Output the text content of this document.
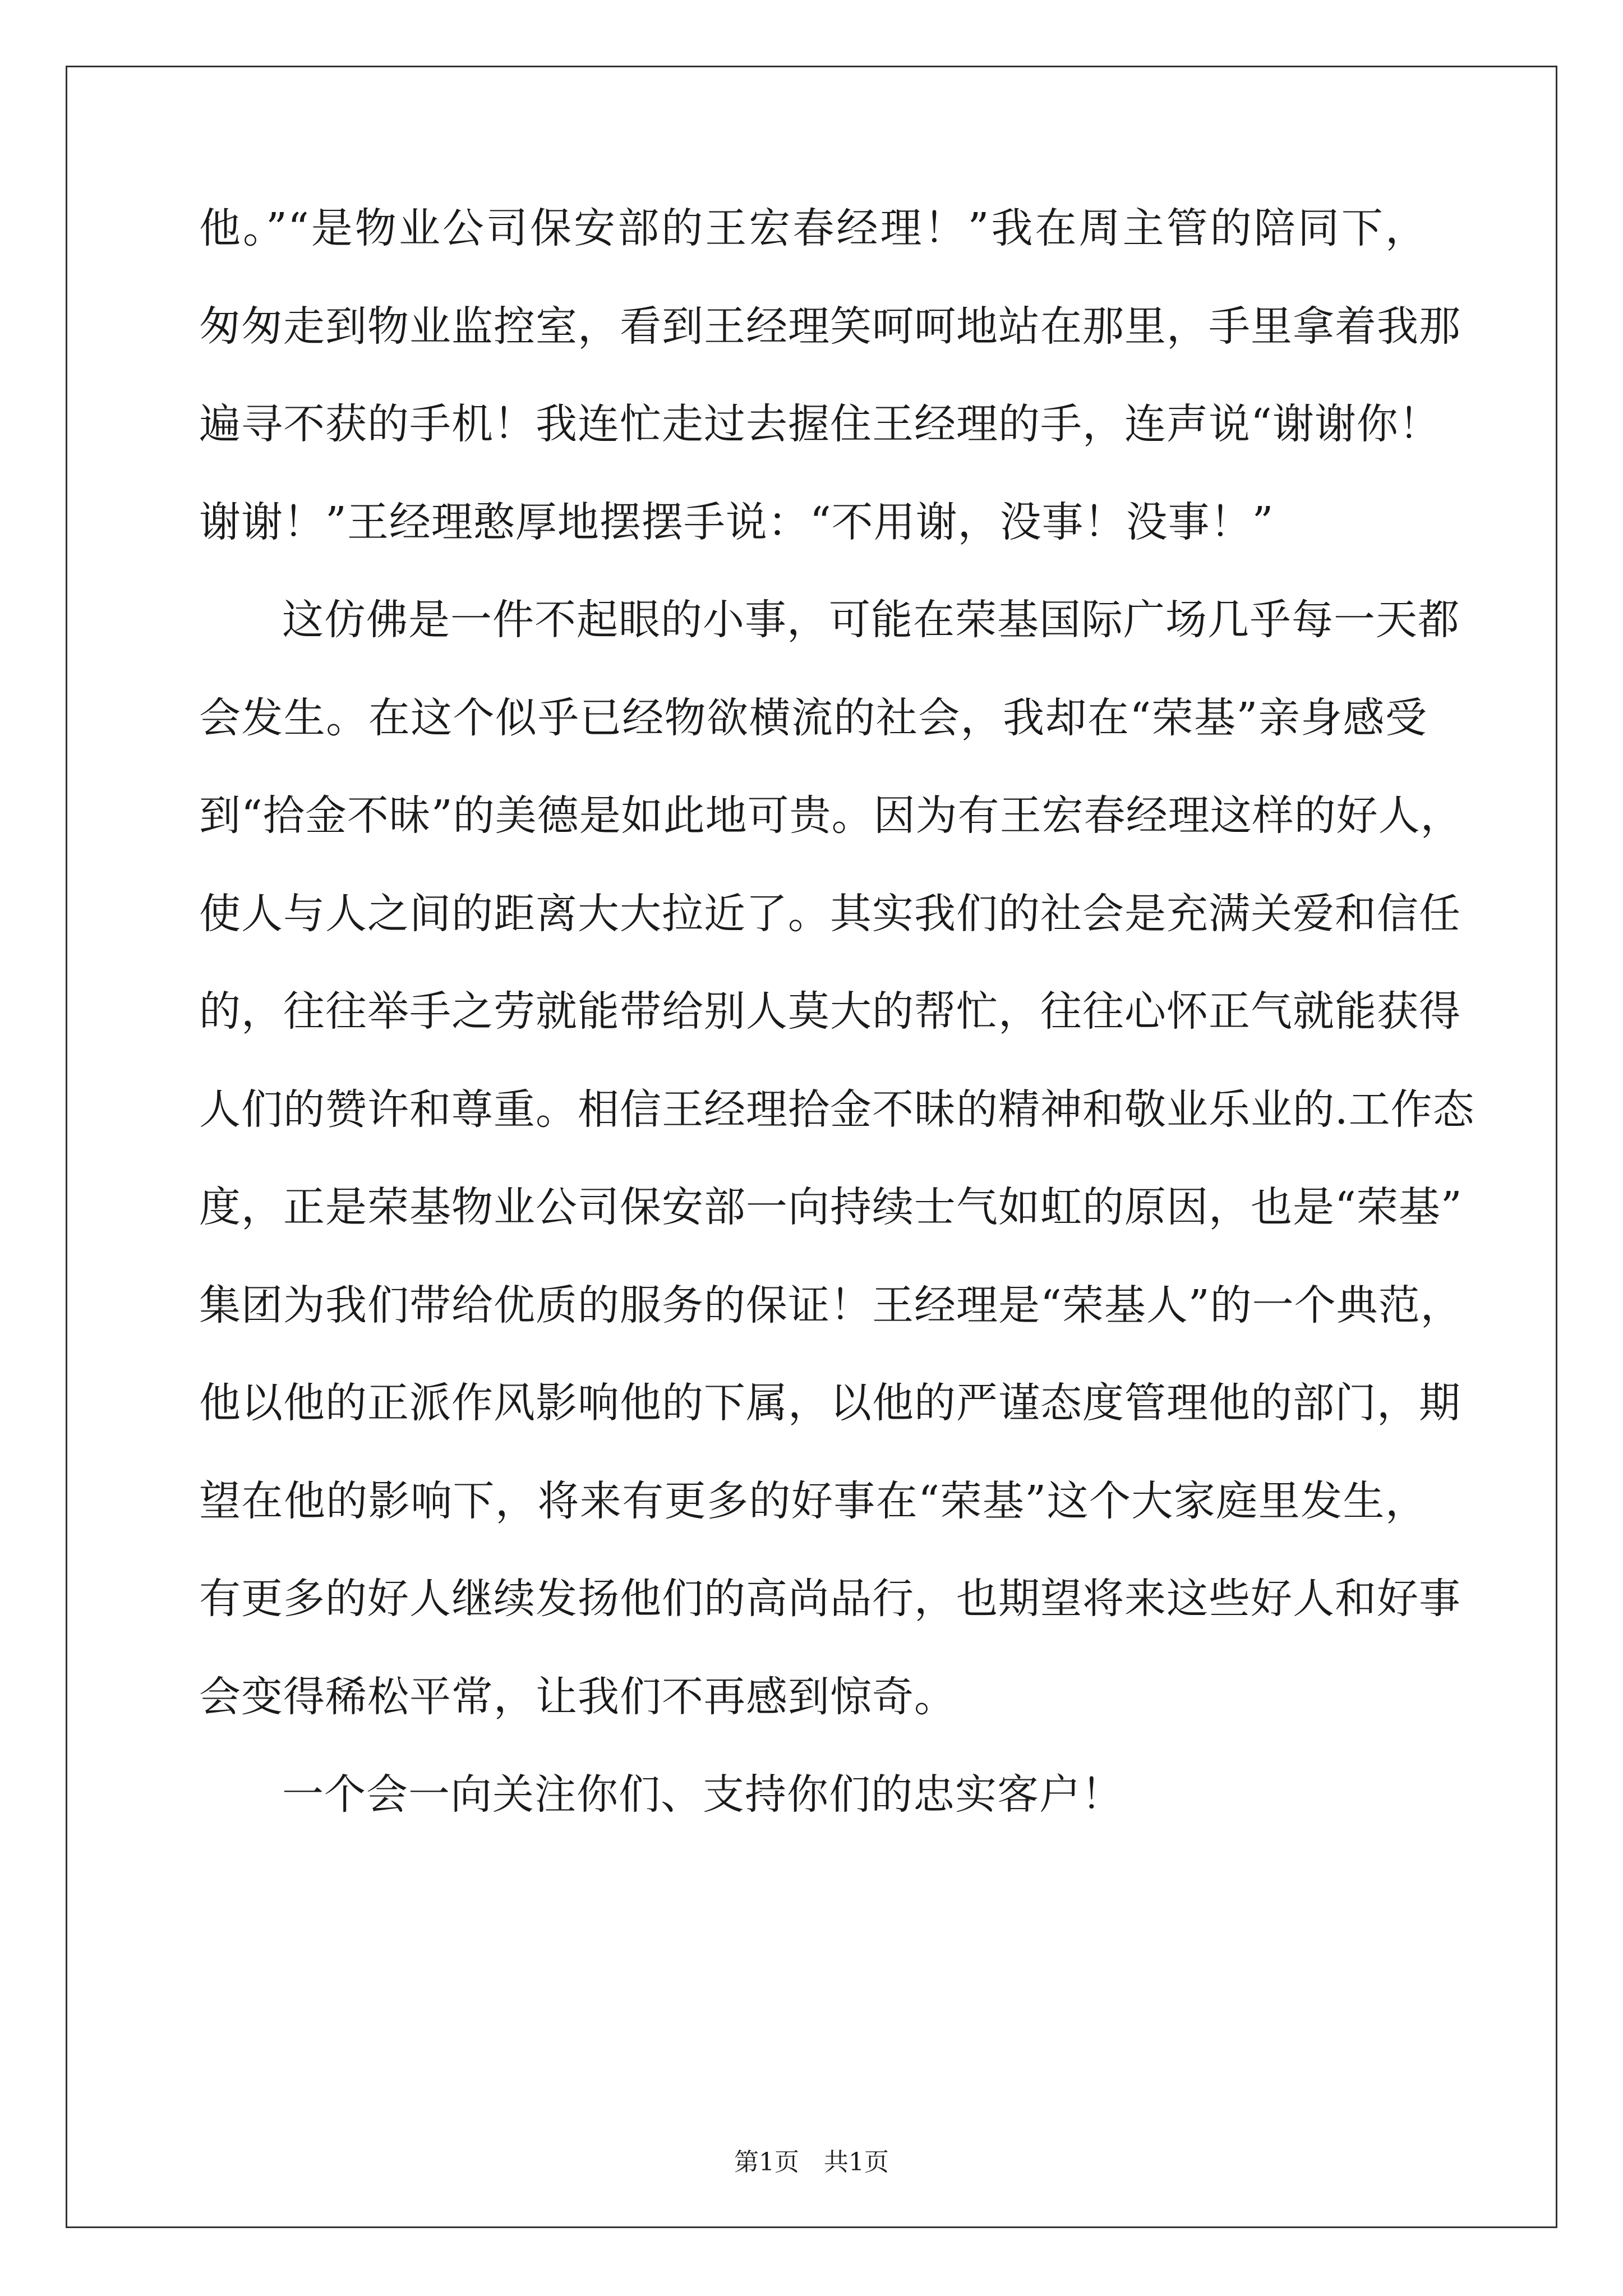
他。”“是物业公司保安部的王宏春经理！”我在周主管的陪同下，
匆匆走到物业监控室，看到王经理笑呵呵地站在那里，手里拿着我那
遍寻不获的手机！我连忙走过去握住王经理的手，连声说“谢谢你！
谢谢！”王经理憨厚地摆摆手说：“不用谢，没事！没事！”
这仿佛是一件不起眼的小事，可能在荣基国际广场几乎每一天都
会发生。在这个似乎已经物欲横流的社会，我却在“荣基”亲身感受
到“拾金不昧”的美德是如此地可贵。因为有王宏春经理这样的好人，
使人与人之间的距离大大拉近了。其实我们的社会是充满关爱和信任
的，往往举手之劳就能带给别人莫大的帮忙，往往心怀正气就能获得
人们的赞许和尊重。相信王经理拾金不昧的精神和敬业乐业的.工作态
度，正是荣基物业公司保安部一向持续士气如虹的原因，也是“荣基”
集团为我们带给优质的服务的保证！王经理是“荣基人”的一个典范，
他以他的正派作风影响他的下属，以他的严谨态度管理他的部门，期
望在他的影响下，将来有更多的好事在“荣基”这个大家庭里发生，
有更多的好人继续发扬他们的高尚品行，也期望将来这些好人和好事
会变得稀松平常，让我们不再感到惊奇。
一个会一向关注你们、支持你们的忠实客户！
第1页　共1页
